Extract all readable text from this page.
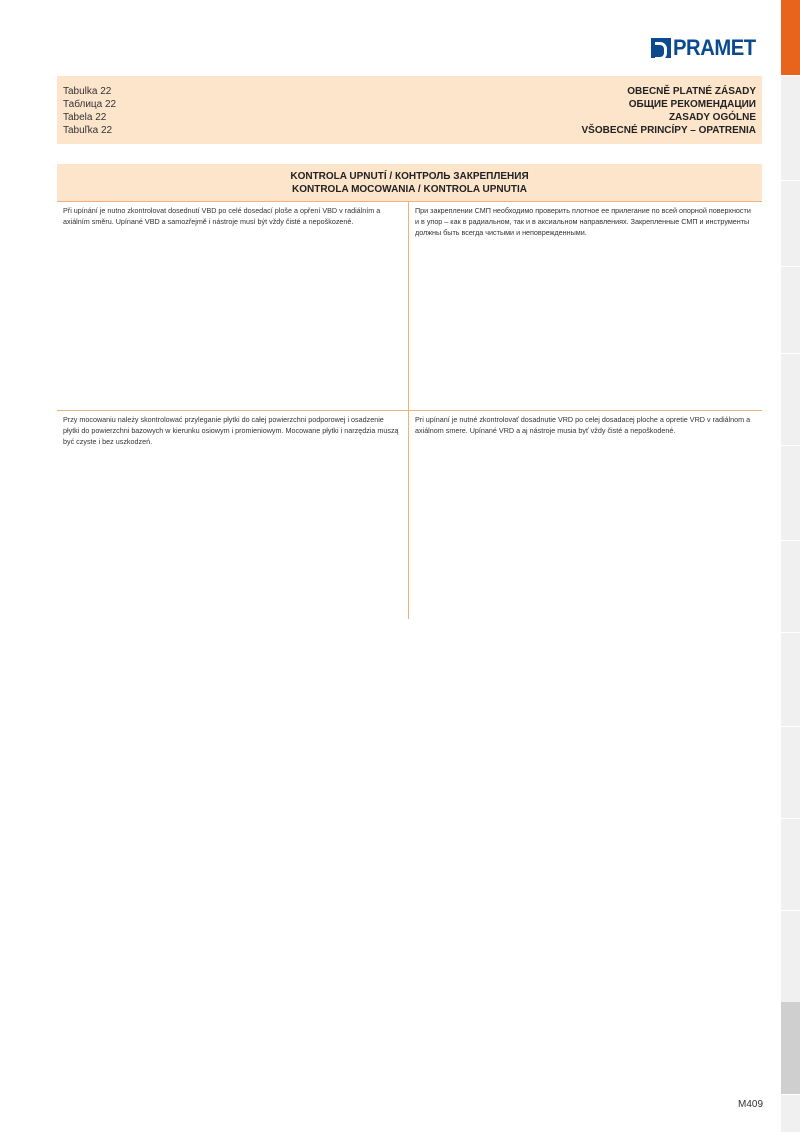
PRAMET
Tabulka 22
Таблица 22
Tabela 22
Tabuľka 22
OBECNĚ PLATNÉ ZÁSADY
ОБЩИЕ РЕКОМЕНДАЦИИ
ZASADY OGÓLNE
VŠOBECNÉ PRINCÍPY – OPATRENIA
KONTROLA UPNUTÍ / КОНТРОЛЬ ЗАКРЕПЛЕНИЯ
KONTROLA MOCOWANIA / KONTROLA UPNUTIA
Při upínání je nutno zkontrolovat dosednutí VBD po celé dosedací ploše a opření VBD v radiálním a axiálním směru. Upínané VBD a samozřejmě i nástroje musí být vždy čisté a nepoškozené.
При закреплении СМП необходимо проверить плотное ее прилегание по всей опорной поверхности и в упор – как в радиальном, так и в аксиальном направлениях. Закрепленные СМП и инструменты должны быть всегда чистыми и неповрежденными.
Przy mocowaniu należy skontrolować przyleganie płytki do całej powierzchni podporowej i osadzenie płytki do powierzchni bazowych w kierunku osiowym i promieniowym. Mocowane płytki i narzędzia muszą być czyste i bez uszkodzeń.
Pri upínaní je nutné zkontrolovať dosadnutie VRD po celej dosadacej ploche a opretie VRD v radiálnom a axiálnom smere. Upínané VRD a aj nástroje musia byť vždy čisté a nepoškodené.
M409
